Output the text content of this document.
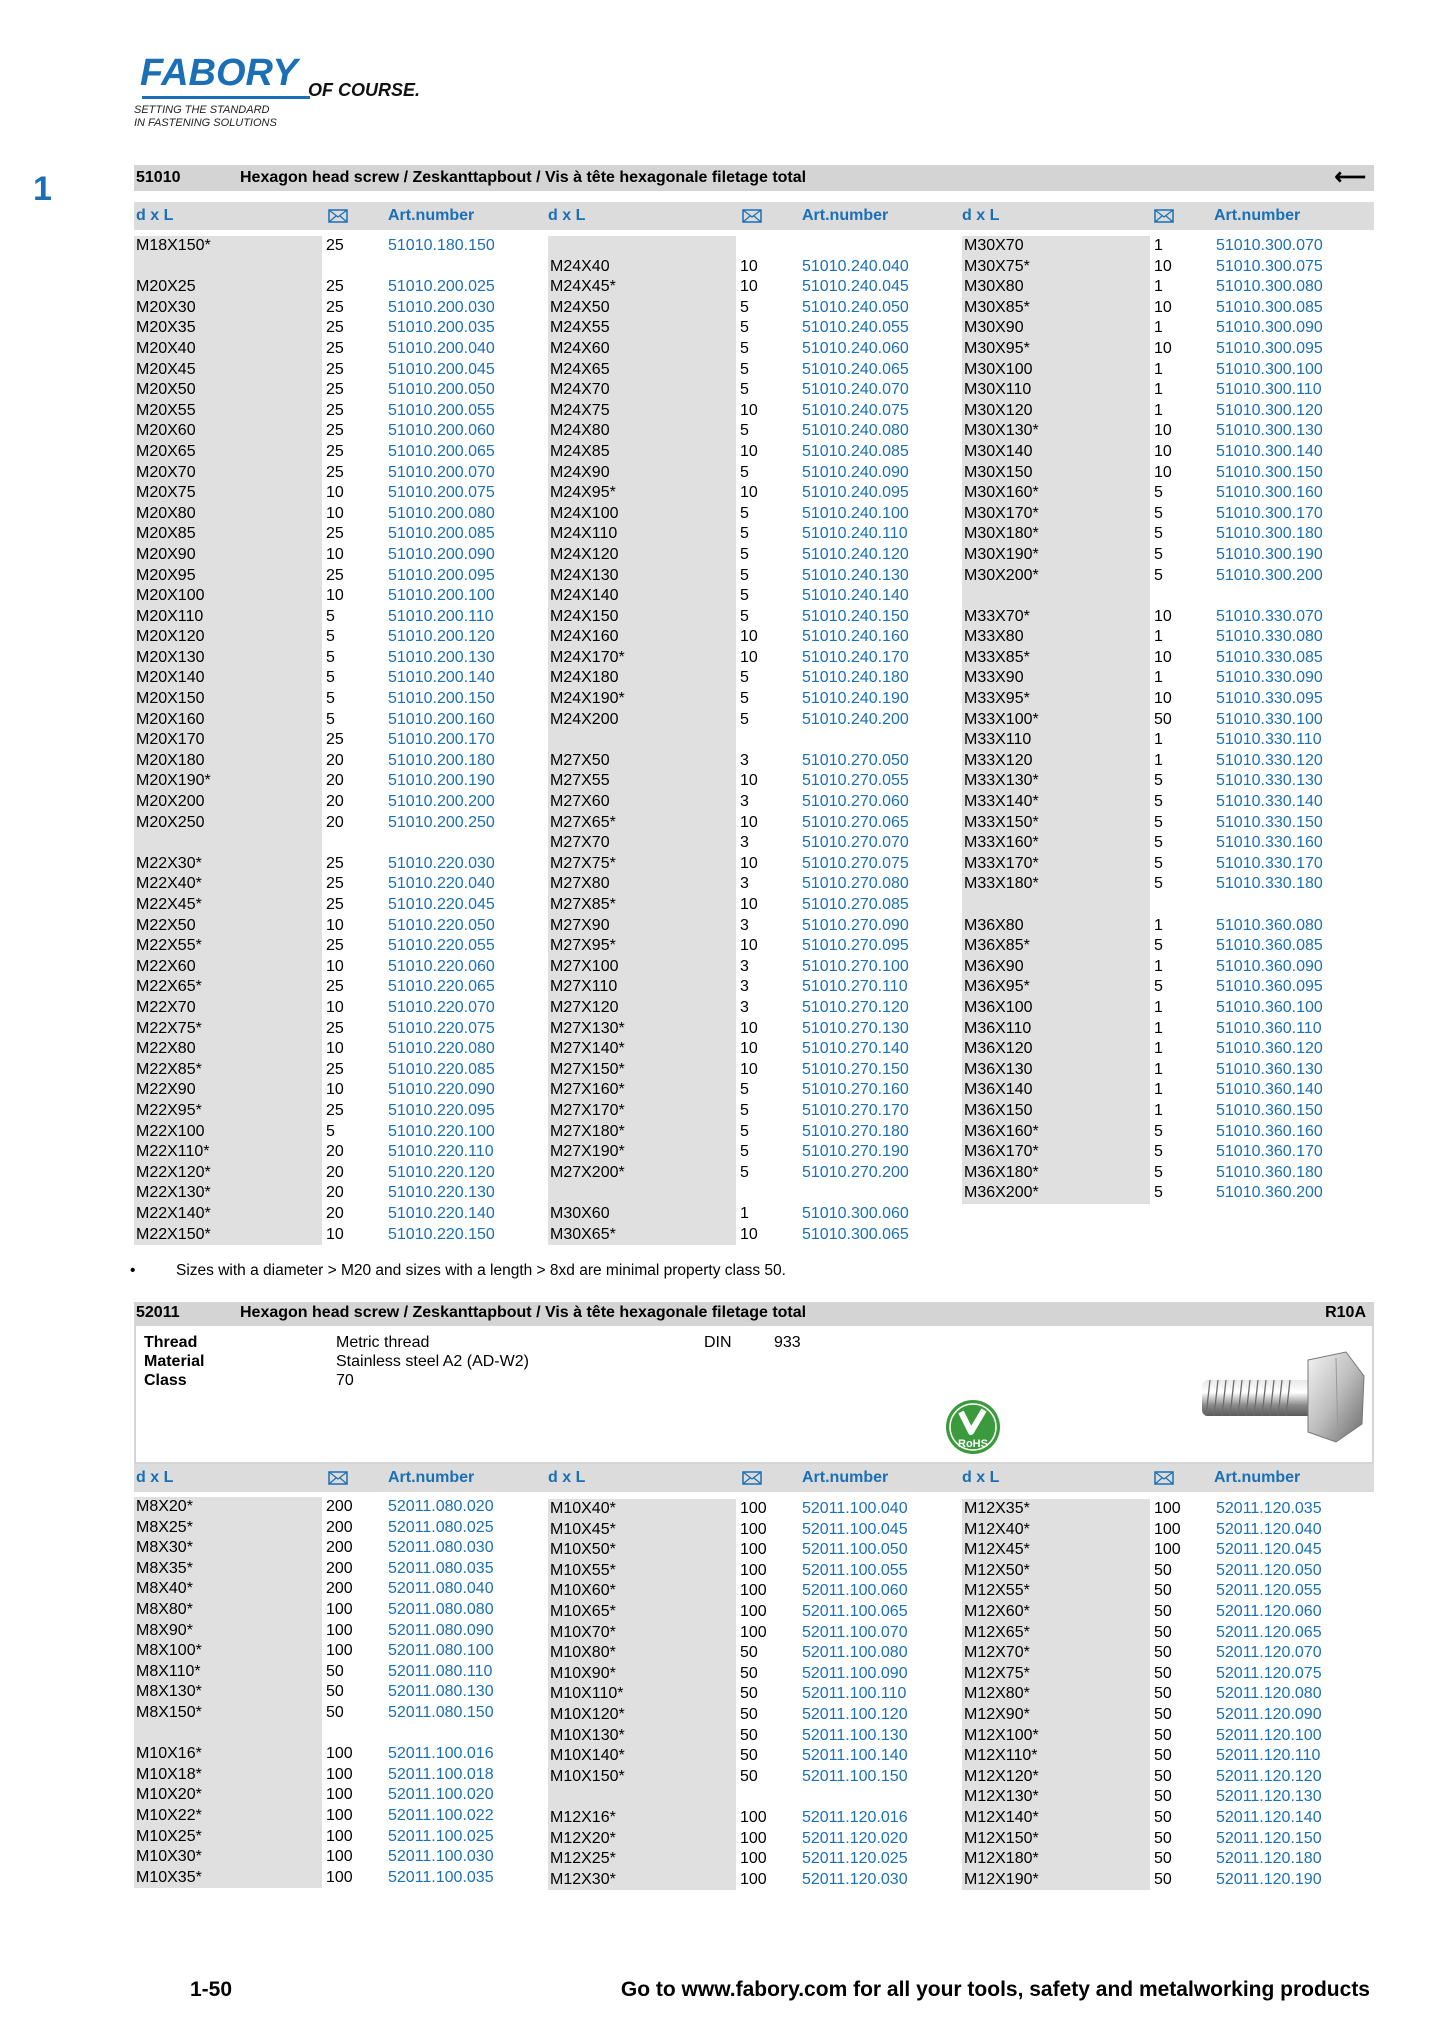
FABORY OF COURSE.
SETTING THE STANDARD
IN FASTENING SOLUTIONS
1	51010	Hexagon head screw / Zeskanttapbout / Vis à tête hexagonale filetage total	⟵
d x L	Art.number	d x L	Art.number	d x L	Art.number
M18X150*	25	51010.180.150
M20X25	25	51010.200.025
M20X30	25	51010.200.030
M20X35	25	51010.200.035
M20X40	25	51010.200.040
M20X45	25	51010.200.045
M20X50	25	51010.200.050
M20X55	25	51010.200.055
M20X60	25	51010.200.060
M20X65	25	51010.200.065
M20X70	25	51010.200.070
M20X75	10	51010.200.075
M20X80	10	51010.200.080
M20X85	25	51010.200.085
M20X90	10	51010.200.090
M20X95	25	51010.200.095
M20X100	10	51010.200.100
M20X110	5	51010.200.110
M20X120	5	51010.200.120
M20X130	5	51010.200.130
M20X140	5	51010.200.140
M20X150	5	51010.200.150
M20X160	5	51010.200.160
M20X170	25	51010.200.170
M20X180	20	51010.200.180
M20X190*	20	51010.200.190
M20X200	20	51010.200.200
M20X250	20	51010.200.250
M22X30*	25	51010.220.030
M22X40*	25	51010.220.040
M22X45*	25	51010.220.045
M22X50	10	51010.220.050
M22X55*	25	51010.220.055
M22X60	10	51010.220.060
M22X65*	25	51010.220.065
M22X70	10	51010.220.070
M22X75*	25	51010.220.075
M22X80	10	51010.220.080
M22X85*	25	51010.220.085
M22X90	10	51010.220.090
M22X95*	25	51010.220.095
M22X100	5	51010.220.100
M22X110*	20	51010.220.110
M22X120*	20	51010.220.120
M22X130*	20	51010.220.130
M22X140*	20	51010.220.140
M22X150*	10	51010.220.150
M24X40	10	51010.240.040
M24X45*	10	51010.240.045
M24X50	5	51010.240.050
M24X55	5	51010.240.055
M24X60	5	51010.240.060
M24X65	5	51010.240.065
M24X70	5	51010.240.070
M24X75	10	51010.240.075
M24X80	5	51010.240.080
M24X85	10	51010.240.085
M24X90	5	51010.240.090
M24X95*	10	51010.240.095
M24X100	5	51010.240.100
M24X110	5	51010.240.110
M24X120	5	51010.240.120
M24X130	5	51010.240.130
M24X140	5	51010.240.140
M24X150	5	51010.240.150
M24X160	10	51010.240.160
M24X170*	10	51010.240.170
M24X180	5	51010.240.180
M24X190*	5	51010.240.190
M24X200	5	51010.240.200
M27X50	3	51010.270.050
M27X55	10	51010.270.055
M27X60	3	51010.270.060
M27X65*	10	51010.270.065
M27X70	3	51010.270.070
M27X75*	10	51010.270.075
M27X80	3	51010.270.080
M27X85*	10	51010.270.085
M27X90	3	51010.270.090
M27X95*	10	51010.270.095
M27X100	3	51010.270.100
M27X110	3	51010.270.110
M27X120	3	51010.270.120
M27X130*	10	51010.270.130
M27X140*	10	51010.270.140
M27X150*	10	51010.270.150
M27X160*	5	51010.270.160
M27X170*	5	51010.270.170
M27X180*	5	51010.270.180
M27X190*	5	51010.270.190
M27X200*	5	51010.270.200
M30X60	1	51010.300.060
M30X65*	10	51010.300.065
M30X70	1	51010.300.070
M30X75*	10	51010.300.075
M30X80	1	51010.300.080
M30X85*	10	51010.300.085
M30X90	1	51010.300.090
M30X95*	10	51010.300.095
M30X100	1	51010.300.100
M30X110	1	51010.300.110
M30X120	1	51010.300.120
M30X130*	10	51010.300.130
M30X140	10	51010.300.140
M30X150	10	51010.300.150
M30X160*	5	51010.300.160
M30X170*	5	51010.300.170
M30X180*	5	51010.300.180
M30X190*	5	51010.300.190
M30X200*	5	51010.300.200
M33X70*	10	51010.330.070
M33X80	1	51010.330.080
M33X85*	10	51010.330.085
M33X90	1	51010.330.090
M33X95*	10	51010.330.095
M33X100*	50	51010.330.100
M33X110	1	51010.330.110
M33X120	1	51010.330.120
M33X130*	5	51010.330.130
M33X140*	5	51010.330.140
M33X150*	5	51010.330.150
M33X160*	5	51010.330.160
M33X170*	5	51010.330.170
M33X180*	5	51010.330.180
M36X80	1	51010.360.080
M36X85*	5	51010.360.085
M36X90	1	51010.360.090
M36X95*	5	51010.360.095
M36X100	1	51010.360.100
M36X110	1	51010.360.110
M36X120	1	51010.360.120
M36X130	1	51010.360.130
M36X140	1	51010.360.140
M36X150	1	51010.360.150
M36X160*	5	51010.360.160
M36X170*	5	51010.360.170
M36X180*	5	51010.360.180
M36X200*	5	51010.360.200
•	Sizes with a diameter > M20 and sizes with a length > 8xd are minimal property class 50.
52011	Hexagon head screw / Zeskanttapbout / Vis à tête hexagonale filetage total	R10A
Thread	Metric thread
Material	Stainless steel A2 (AD-W2)
Class	70
DIN	933
RoHS
d x L	Art.number	d x L	Art.number	d x L	Art.number
M8X20*	200 52011.080.020
M8X25*	200 52011.080.025
M8X30*	200 52011.080.030
M8X35*	200 52011.080.035
M8X40*	200 52011.080.040
M8X80*	100 52011.080.080
M8X90*	100 52011.080.090
M8X100*	100 52011.080.100
M8X110*	50	52011.080.110
M8X130*	50	52011.080.130
M8X150*	50	52011.080.150
M10X16*	100 52011.100.016
M10X18*	100 52011.100.018
M10X20*	100 52011.100.020
M10X22*	100 52011.100.022
M10X25*	100 52011.100.025
M10X30*	100 52011.100.030
M10X35*	100 52011.100.035
M10X40*	100 52011.100.040
M10X45*	100 52011.100.045
M10X50*	100 52011.100.050
M10X55*	100 52011.100.055
M10X60*	100 52011.100.060
M10X65*	100 52011.100.065
M10X70*	100 52011.100.070
M10X80*	50	52011.100.080
M10X90*	50	52011.100.090
M10X110*	50	52011.100.110
M10X120*	50	52011.100.120
M10X130*	50	52011.100.130
M10X140*	50	52011.100.140
M10X150*	50	52011.100.150
M12X16*	100 52011.120.016
M12X20*	100 52011.120.020
M12X25*	100 52011.120.025
M12X30*	100 52011.120.030
M12X35*	100 52011.120.035
M12X40*	100 52011.120.040
M12X45*	100 52011.120.045
M12X50*	50	52011.120.050
M12X55*	50	52011.120.055
M12X60*	50	52011.120.060
M12X65*	50	52011.120.065
M12X70*	50	52011.120.070
M12X75*	50	52011.120.075
M12X80*	50	52011.120.080
M12X90*	50	52011.120.090
M12X100*	50	52011.120.100
M12X110*	50	52011.120.110
M12X120*	50	52011.120.120
M12X130*	50	52011.120.130
M12X140*	50	52011.120.140
M12X150*	50	52011.120.150
M12X180*	50	52011.120.180
M12X190*	50	52011.120.190
1-50	Go to www.fabory.com for all your tools, safety and metalworking products
